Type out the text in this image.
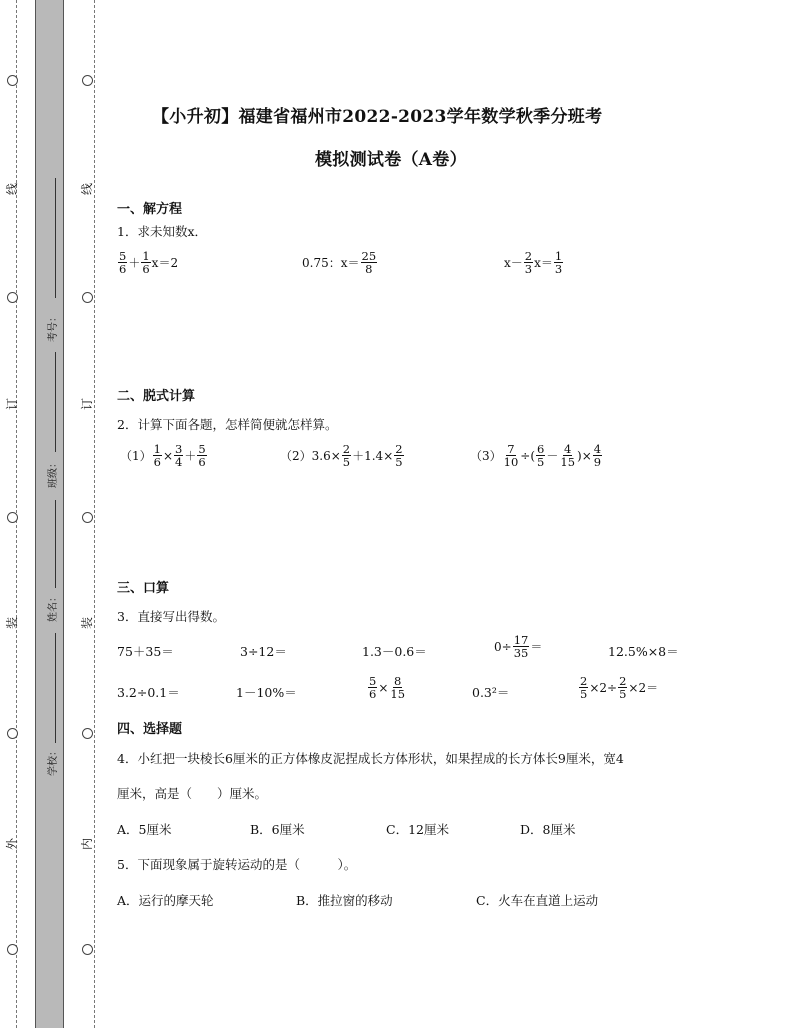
线
订
装
外
线
订
装
内
考号：
班级：
姓名：
学校：
【小升初】福建省福州市2022-2023学年数学秋季分班考
模拟测试卷（A卷）
一、解方程
1．求未知数x．
$\frac{5}{6} + \frac{1}{6} x=2$	0.75：$x= \frac{25}{8}$	$x- \frac{2}{3} x= \frac{1}{3}$
二、脱式计算
2．计算下面各题，怎样简便就怎样算。
$(1) \frac{1}{6} \times \frac{3}{4} + \frac{5}{6}$	（2） $3.6\times \frac{2}{5} +1.4\times \frac{2}{5}$	$(3) \frac{7}{10}$ ÷( $\frac{6}{5} - \frac{4}{15}$ )× $\frac{4}{9}$
三、口算
3．直接写出得数。
75＋35＝	3÷12＝	1.3－0.6＝	$0\div \frac{17}{35}$ ＝	12.5%×8＝
3.2÷0.1＝	1－10%＝	$\frac{5}{6} \times \frac{8}{15}$	0.3²＝	$\frac{2}{5} \times 2\div \frac{2}{5} \times 2=$
四、选择题
4．小红把一块棱长6厘米的正方体橡皮泥捏成长方体形状，如果捏成的长方体长9厘米，宽4
厘米，高是（　　）厘米。
A．5厘米	B．6厘米	C．12厘米	D．8厘米
5．下面现象属于旋转运动的是（　　　）。
A．运行的摩天轮	B．推拉窗的移动	C．火车在直道上运动
